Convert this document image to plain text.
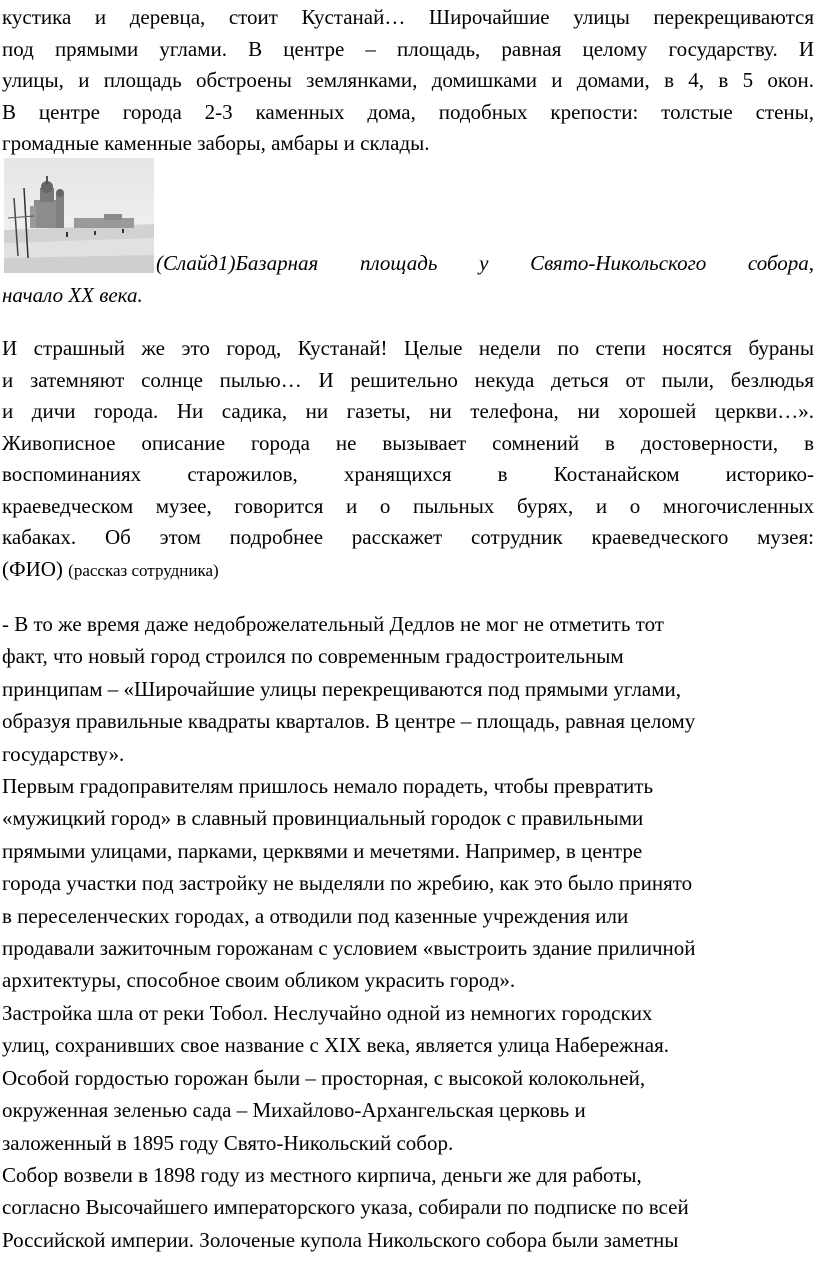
кустика и деревца, стоит Кустанай… Широчайшие улицы перекрещиваются
под прямыми углами. В центре – площадь, равная целому государству. И
улицы, и площадь обстроены землянками, домишками и домами, в 4, в 5 окон.
В центре города 2-3 каменных дома, подобных крепости: толстые стены,
громадные каменные заборы, амбары и склады.
(Слайд1)Базарная площадь у Свято-Никольского собора,
начало XX века.
И страшный же это город, Кустанай! Целые недели по степи носятся бураны
и затемняют солнце пылью… И решительно некуда деться от пыли, безлюдья
и дичи города. Ни садика, ни газеты, ни телефона, ни хорошей церкви…».
Живописное описание города не вызывает сомнений в достоверности, в
воспоминаниях старожилов, хранящихся в Костанайском историко-
краеведческом музее, говорится и о пыльных бурях, и о многочисленных
кабаках. Об этом подробнее расскажет сотрудник краеведческого музея:
(ФИО) (рассказ сотрудника)
- В то же время даже недоброжелательный Дедлов не мог не отметить тот
факт, что новый город строился по современным градостроительным
принципам – «Широчайшие улицы перекрещиваются под прямыми углами,
образуя правильные квадраты кварталов. В центре – площадь, равная целому
государству».
Первым градоправителям пришлось немало порадеть, чтобы превратить
«мужицкий город» в славный провинциальный городок с правильными
прямыми улицами, парками, церквями и мечетями. Например, в центре
города участки под застройку не выделяли по жребию, как это было принято
в переселенческих городах, а отводили под казенные учреждения или
продавали зажиточным горожанам с условием «выстроить здание приличной
архитектуры, способное своим обликом украсить город».
Застройка шла от реки Тобол. Неслучайно одной из немногих городских
улиц, сохранивших свое название с XIX века, является улица Набережная.
Особой гордостью горожан были – просторная, с высокой колокольней,
окруженная зеленью сада – Михайлово-Архангельская церковь и
заложенный в 1895 году Свято-Никольский собор.
Собор возвели в 1898 году из местного кирпича, деньги же для работы,
согласно Высочайшего императорского указа, собирали по подписке по всей
Российской империи. Золоченые купола Никольского собора были заметны
